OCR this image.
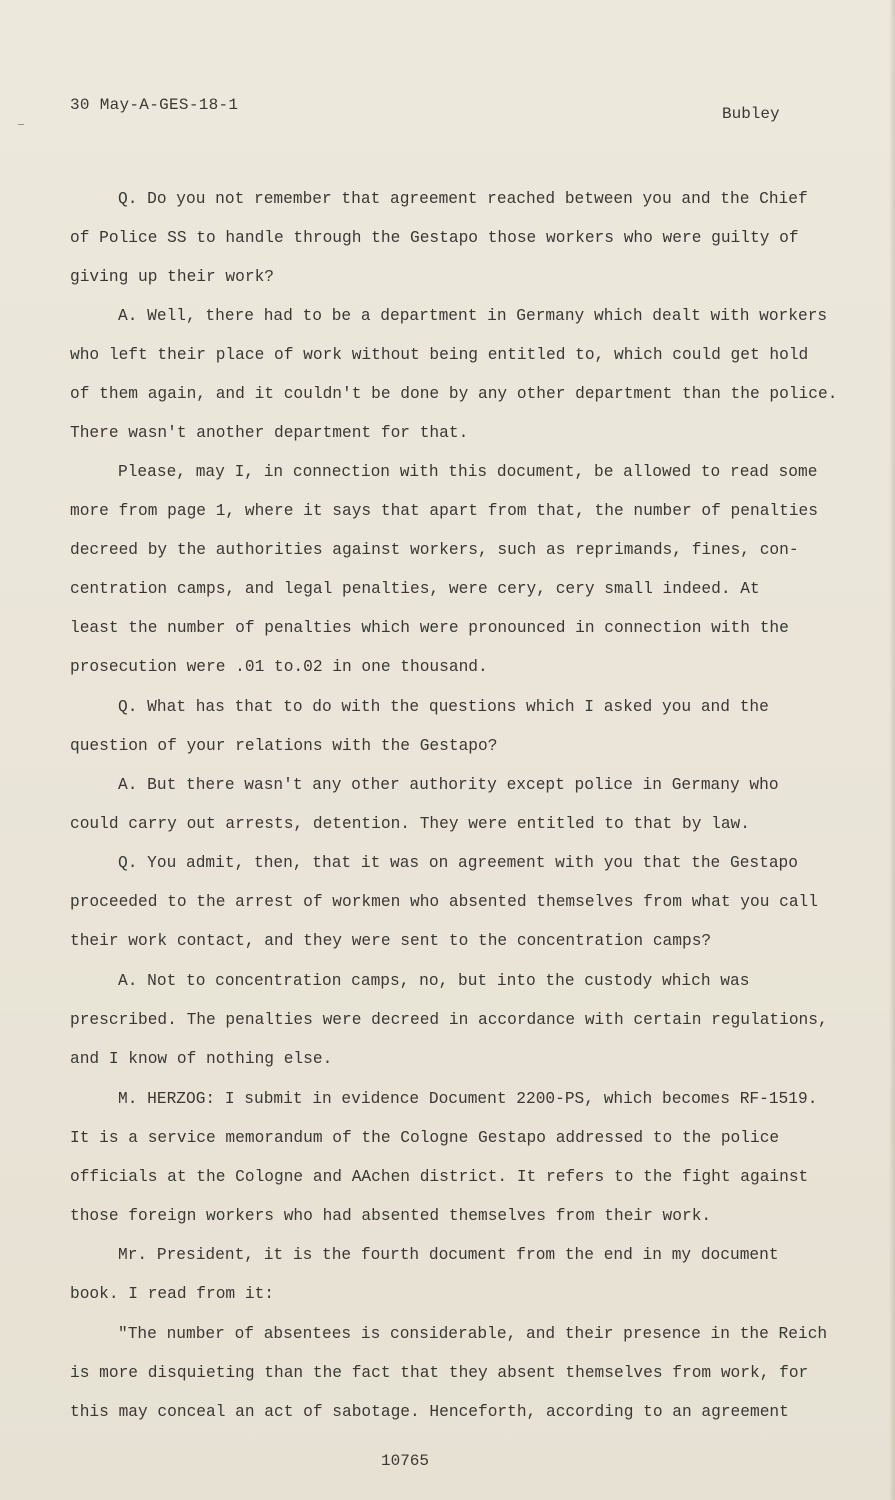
30 May-A-GES-18-1	Bubley
Q. Do you not remember that agreement reached between you and the Chief
of Police SS to handle through the Gestapo those workers who were guilty of
giving up their work?
A. Well, there had to be a department in Germany which dealt with workers
who left their place of work without being entitled to, which could get hold
of them again, and it couldn't be done by any other department than the police.
There wasn't another department for that.
Please, may I, in connection with this document, be allowed to read some
more from page 1, where it says that apart from that, the number of penalties
decreed by the authorities against workers, such as reprimands, fines, con-
centration camps, and legal penalties, were cery, cery small indeed. At
least the number of penalties which were pronounced in connection with the
prosecution were .01 to.02 in one thousand.
Q. What has that to do with the questions which I asked you and the
question of your relations with the Gestapo?
A. But there wasn't any other authority except police in Germany who
could carry out arrests, detention. They were entitled to that by law.
Q. You admit, then, that it was on agreement with you that the Gestapo
proceeded to the arrest of workmen who absented themselves from what you call
their work contact, and they were sent to the concentration camps?
A. Not to concentration camps, no, but into the custody which was
prescribed. The penalties were decreed in accordance with certain regulations,
and I know of nothing else.
M. HERZOG: I submit in evidence Document 2200-PS, which becomes RF-1519.
It is a service memorandum of the Cologne Gestapo addressed to the police
officials at the Cologne and AAchen district. It refers to the fight against
those foreign workers who had absented themselves from their work.
Mr. President, it is the fourth document from the end in my document
book. I read from it:
"The number of absentees is considerable, and their presence in the Reich
is more disquieting than the fact that they absent themselves from work, for
this may conceal an act of sabotage. Henceforth, according to an agreement
10765
